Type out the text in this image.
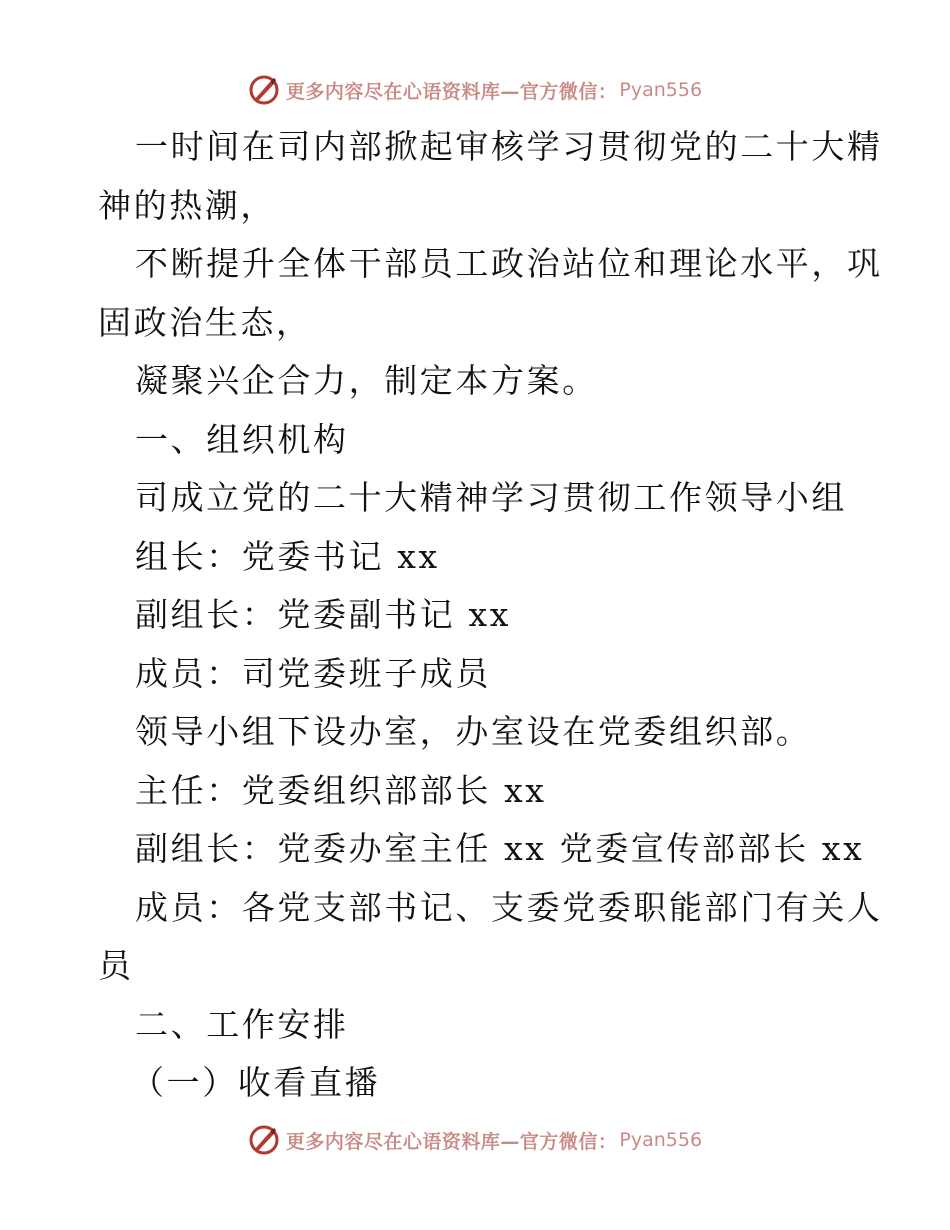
更多内容尽在心语资料库—官方微信： Pyan556
一时间在司内部掀起审核学习贯彻党的二十大精
神的热潮，
不断提升全体干部员工政治站位和理论水平，巩
固政治生态，
凝聚兴企合力，制定本方案。
一、组织机构
司成立党的二十大精神学习贯彻工作领导小组
组长：党委书记 xx
副组长：党委副书记 xx
成员：司党委班子成员
领导小组下设办室，办室设在党委组织部。
主任：党委组织部部长 xx
副组长：党委办室主任 xx 党委宣传部部长 xx
成员：各党支部书记、支委党委职能部门有关人
员
二、工作安排
（一）收看直播
更多内容尽在心语资料库—官方微信： Pyan556
